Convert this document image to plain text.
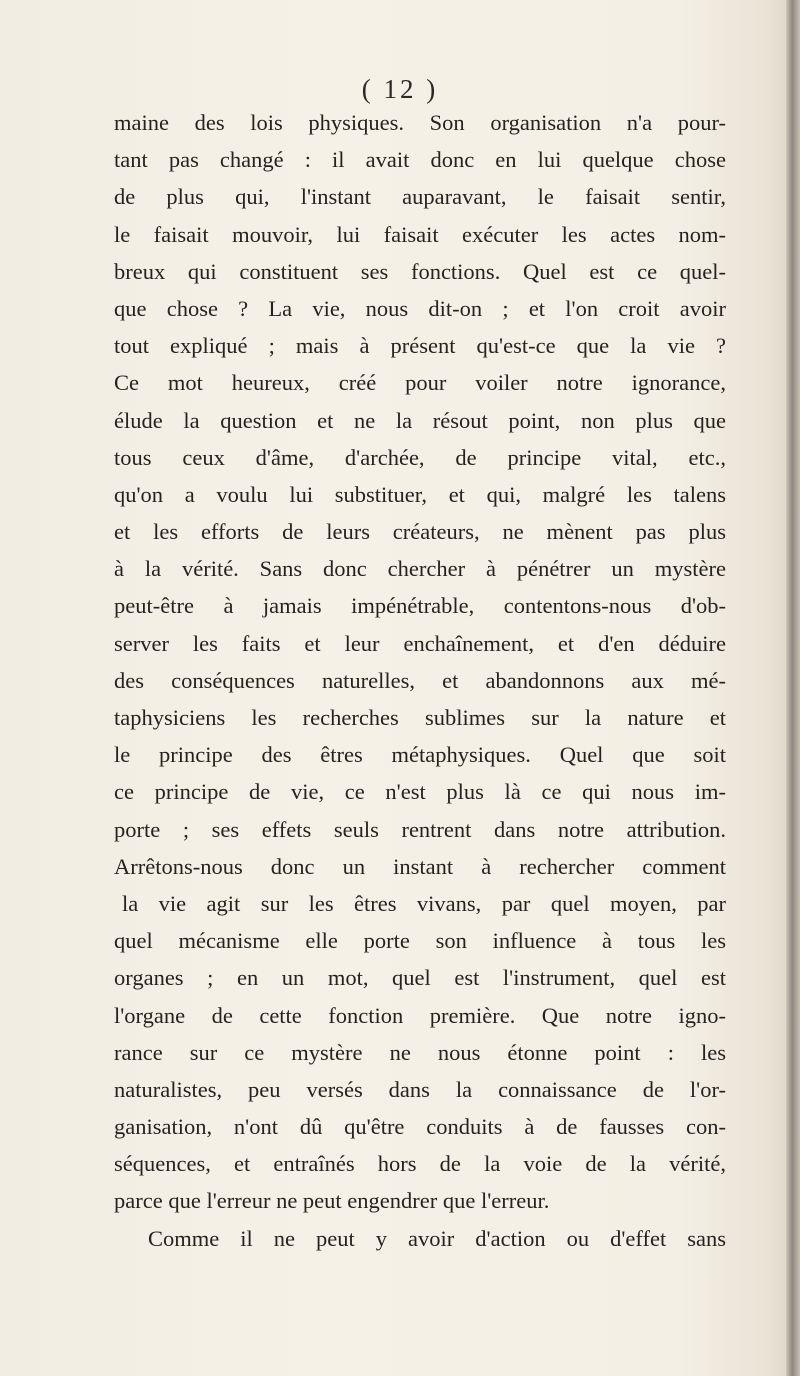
( 12 )
maine des lois physiques. Son organisation n'a pour-
tant pas changé : il avait donc en lui quelque chose
de plus qui, l'instant auparavant, le faisait sentir,
le faisait mouvoir, lui faisait exécuter les actes nom-
breux qui constituent ses fonctions. Quel est ce quel-
que chose ? La vie, nous dit-on ; et l'on croit avoir
tout expliqué ; mais à présent qu'est-ce que la vie ?
Ce mot heureux, créé pour voiler notre ignorance,
élude la question et ne la résout point, non plus que
tous ceux d'âme, d'archée, de principe vital, etc.,
qu'on a voulu lui substituer, et qui, malgré les talens
et les efforts de leurs créateurs, ne mènent pas plus
à la vérité. Sans donc chercher à pénétrer un mystère
peut-être à jamais impénétrable, contentons-nous d'ob-
server les faits et leur enchaînement, et d'en déduire
des conséquences naturelles, et abandonnons aux mé-
taphysiciens les recherches sublimes sur la nature et
le principe des êtres métaphysiques. Quel que soit
ce principe de vie, ce n'est plus là ce qui nous im-
porte ; ses effets seuls rentrent dans notre attribution.
Arrêtons-nous donc un instant à rechercher comment
la vie agit sur les êtres vivans, par quel moyen, par
quel mécanisme elle porte son influence à tous les
organes ; en un mot, quel est l'instrument, quel est
l'organe de cette fonction première. Que notre igno-
rance sur ce mystère ne nous étonne point : les
naturalistes, peu versés dans la connaissance de l'or-
ganisation, n'ont dû qu'être conduits à de fausses con-
séquences, et entraînés hors de la voie de la vérité,
parce que l'erreur ne peut engendrer que l'erreur.
Comme il ne peut y avoir d'action ou d'effet sans
